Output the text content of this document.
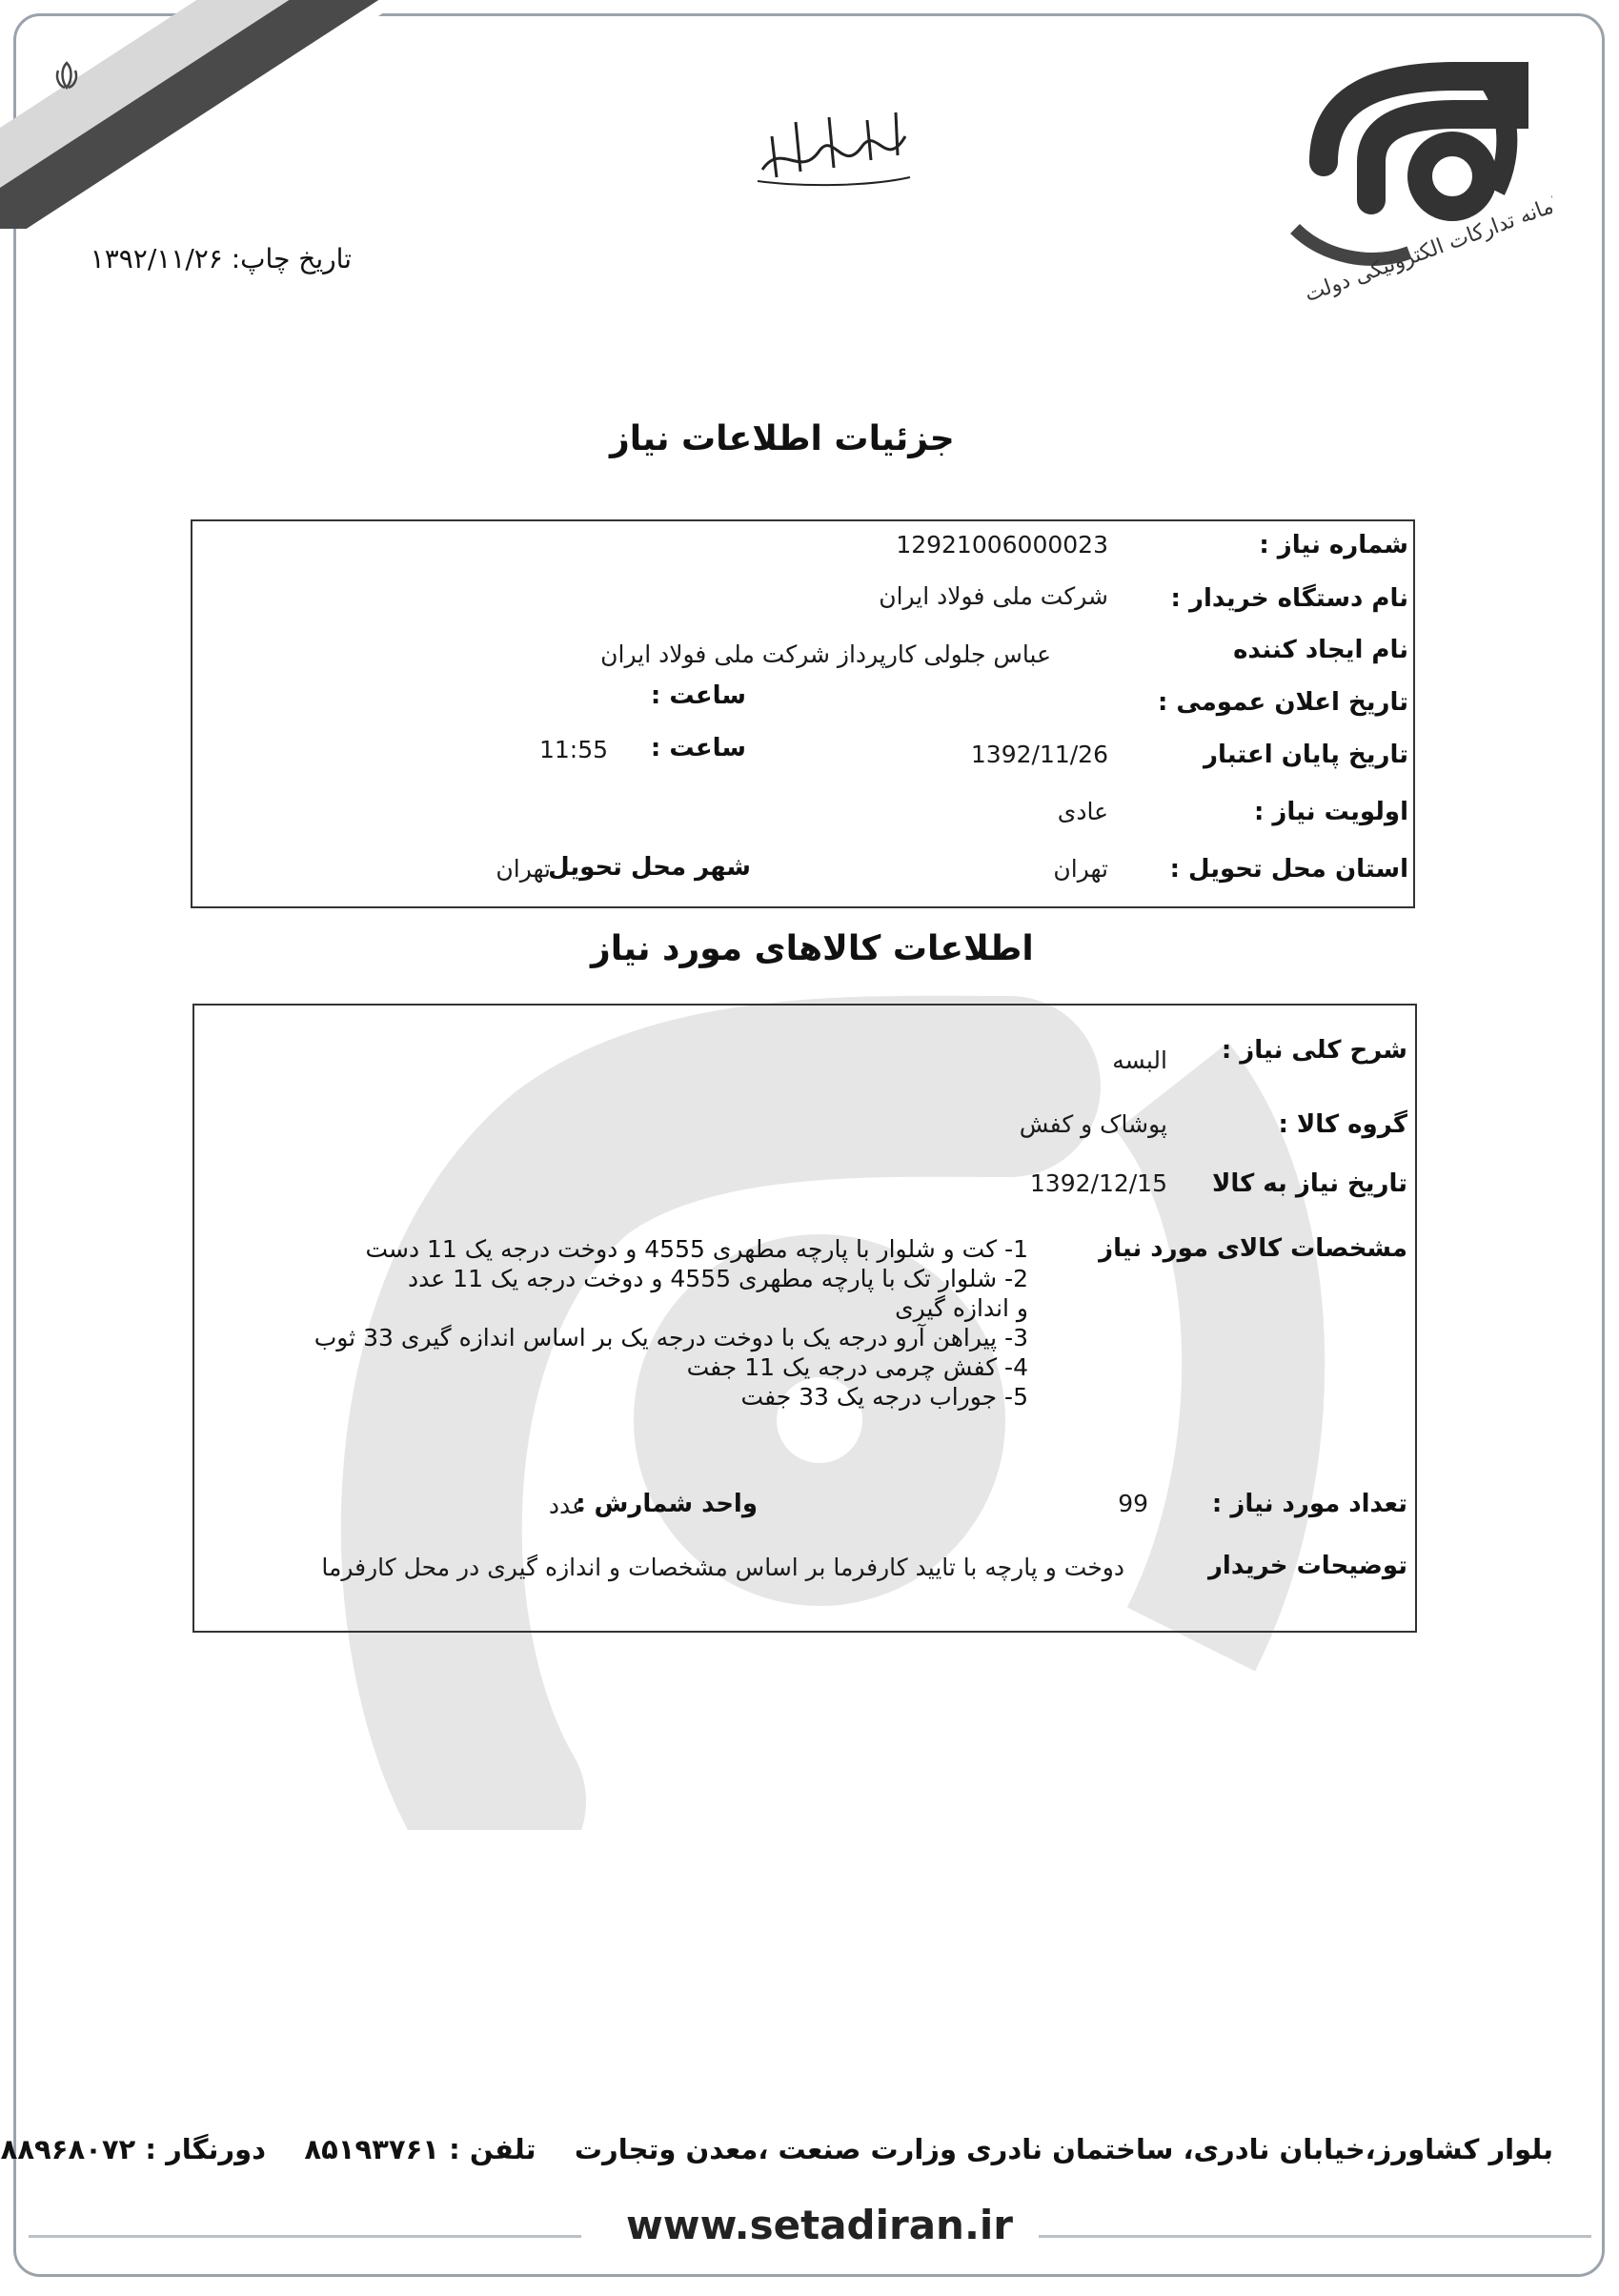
سامانه تدارکات الکترونیکی دولت
تاریخ چاپ: ۱۳۹۲/۱۱/۲۶
جزئیات اطلاعات نیاز
شماره نیاز :
12921006000023
نام دستگاه خریدار :
شرکت ملی فولاد ایران
نام ایجاد کننده
عباس جلولی کارپرداز شرکت ملی فولاد ایران
تاریخ اعلان عمومی :
ساعت :
تاریخ پایان اعتبار
1392/11/26
ساعت :
11:55
اولویت نیاز :
عادی
استان محل تحویل :
تهران
شهر محل تحویل
تهران
اطلاعات کالاهای مورد نیاز
شرح کلی نیاز :
البسه
گروه کالا :
پوشاک و کفش
تاریخ نیاز به کالا
1392/12/15
مشخصات کالای مورد نیاز
تعداد مورد نیاز :
99
واحد شمارش :
عدد
توضیحات خریدار
دوخت و پارچه با تایید کارفرما بر اساس مشخصات و اندازه گیری در محل کارفرما
1- کت و شلوار با پارچه مطهری 4555 و دوخت درجه یک 11 دست
2- شلوار تک با پارچه مطهری 4555 و دوخت درجه یک 11 عدد
و اندازه گیری
3- پیراهن آرو درجه یک با دوخت درجه یک بر اساس اندازه گیری 33 ثوب
4- کفش چرمی درجه یک 11 جفت
5- جوراب درجه یک 33 جفت
بلوار کشاورز،خیابان نادری، ساختمان نادری وزارت صنعت ،معدن وتجارت    تلفن : ۸۵۱۹۳۷۶۱    دورنگار : ۸۸۹۶۸۰۷۲
www.setadiran.ir
